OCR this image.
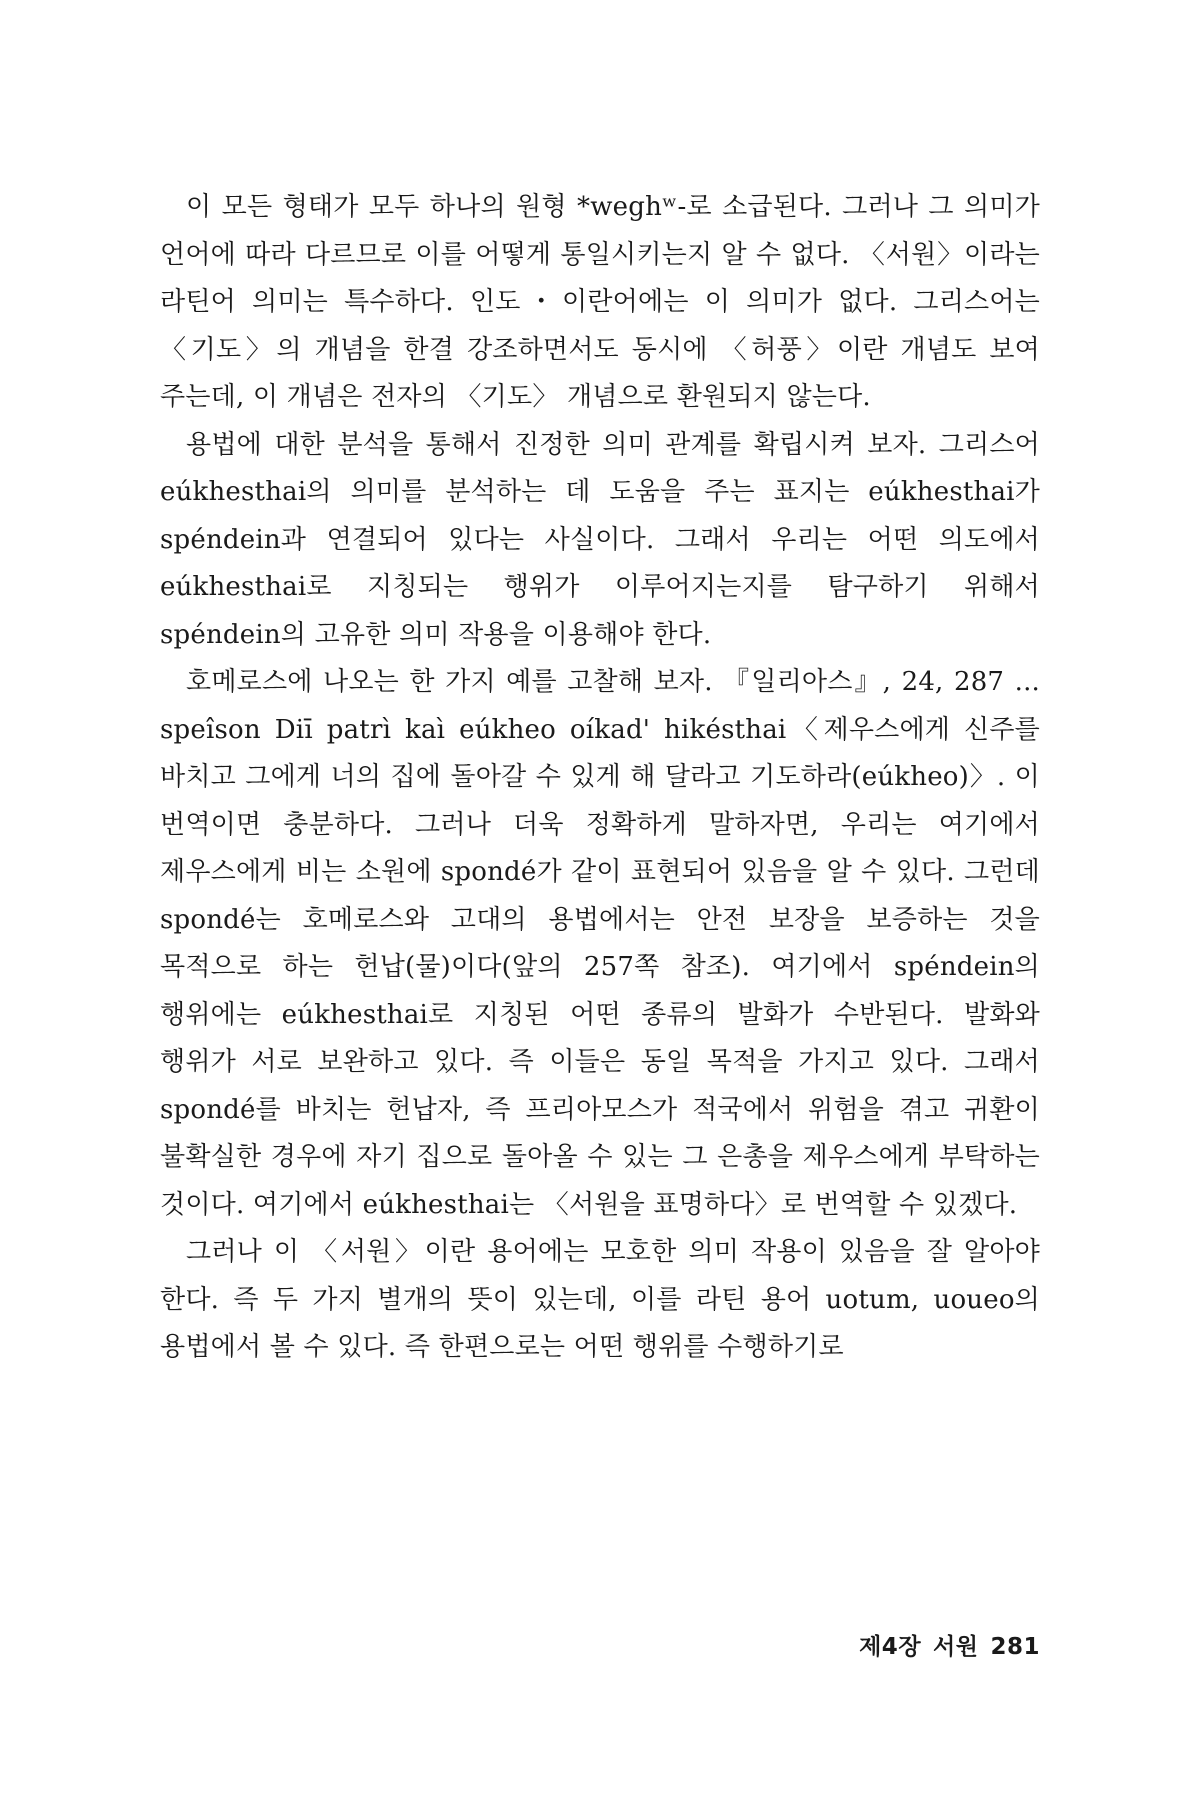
이 모든 형태가 모두 하나의 원형 *weghʷ-로 소급된다. 그러나 그 의미가 언어에 따라 다르므로 이를 어떻게 통일시키는지 알 수 없다. 〈서원〉이라는 라틴어 의미는 특수하다. 인도・이란어에는 이 의미가 없다. 그리스어는 〈기도〉의 개념을 한결 강조하면서도 동시에 〈허풍〉이란 개념도 보여 주는데, 이 개념은 전자의 〈기도〉 개념으로 환원되지 않는다.

용법에 대한 분석을 통해서 진정한 의미 관계를 확립시켜 보자. 그리스어 eúkhesthai의 의미를 분석하는 데 도움을 주는 표지는 eúkhesthai가 spéndein과 연결되어 있다는 사실이다. 그래서 우리는 어떤 의도에서 eúkhesthai로 지칭되는 행위가 이루어지는지를 탐구하기 위해서 spéndein의 고유한 의미 작용을 이용해야 한다.

호메로스에 나오는 한 가지 예를 고찰해 보자. 『일리아스』, 24, 287 ... speîson Diī patrì kaì eúkheo oíkad' hikésthai〈제우스에게 신주를 바치고 그에게 너의 집에 돌아갈 수 있게 해 달라고 기도하라(eúkheo)〉. 이 번역이면 충분하다. 그러나 더욱 정확하게 말하자면, 우리는 여기에서 제우스에게 비는 소원에 spondé가 같이 표현되어 있음을 알 수 있다. 그런데 spondé는 호메로스와 고대의 용법에서는 안전 보장을 보증하는 것을 목적으로 하는 헌납(물)이다(앞의 257쪽 참조). 여기에서 spéndein의 행위에는 eúkhesthai로 지칭된 어떤 종류의 발화가 수반된다. 발화와 행위가 서로 보완하고 있다. 즉 이들은 동일 목적을 가지고 있다. 그래서 spondé를 바치는 헌납자, 즉 프리아모스가 적국에서 위험을 겪고 귀환이 불확실한 경우에 자기 집으로 돌아올 수 있는 그 은총을 제우스에게 부탁하는 것이다. 여기에서 eúkhesthai는 〈서원을 표명하다〉로 번역할 수 있겠다.

그러나 이 〈서원〉이란 용어에는 모호한 의미 작용이 있음을 잘 알아야 한다. 즉 두 가지 별개의 뜻이 있는데, 이를 라틴 용어 uotum, uoueo의 용법에서 볼 수 있다. 즉 한편으로는 어떤 행위를 수행하기로

제4장 서원 281
